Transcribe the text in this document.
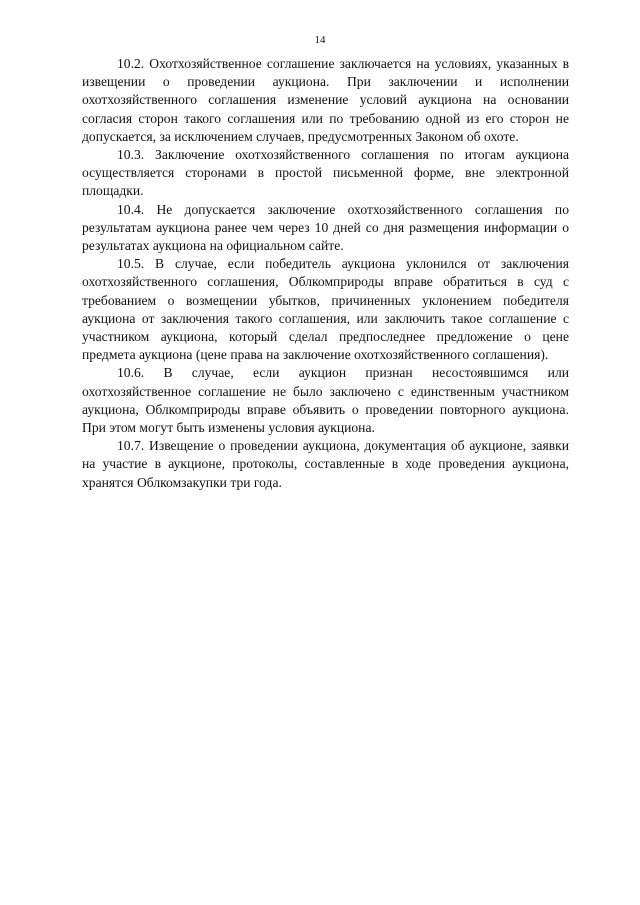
14

10.2. Охотхозяйственное соглашение заключается на условиях, указанных в извещении о проведении аукциона. При заключении и исполнении охотхозяйственного соглашения изменение условий аукциона на основании согласия сторон такого соглашения или по требованию одной из его сторон не допускается, за исключением случаев, предусмотренных Законом об охоте.

10.3. Заключение охотхозяйственного соглашения по итогам аукциона осуществляется сторонами в простой письменной форме, вне электронной площадки.

10.4. Не допускается заключение охотхозяйственного соглашения по результатам аукциона ранее чем через 10 дней со дня размещения информации о результатах аукциона на официальном сайте.

10.5. В случае, если победитель аукциона уклонился от заключения охотхозяйственного соглашения, Облкомприроды вправе обратиться в суд с требованием о возмещении убытков, причиненных уклонением победителя аукциона от заключения такого соглашения, или заключить такое соглашение с участником аукциона, который сделал предпоследнее предложение о цене предмета аукциона (цене права на заключение охотхозяйственного соглашения).

10.6. В случае, если аукцион признан несостоявшимся или охотхозяйственное соглашение не было заключено с единственным участником аукциона, Облкомприроды вправе объявить о проведении повторного аукциона. При этом могут быть изменены условия аукциона.

10.7. Извещение о проведении аукциона, документация об аукционе, заявки на участие в аукционе, протоколы, составленные в ходе проведения аукциона, хранятся Облкомзакупки три года.
